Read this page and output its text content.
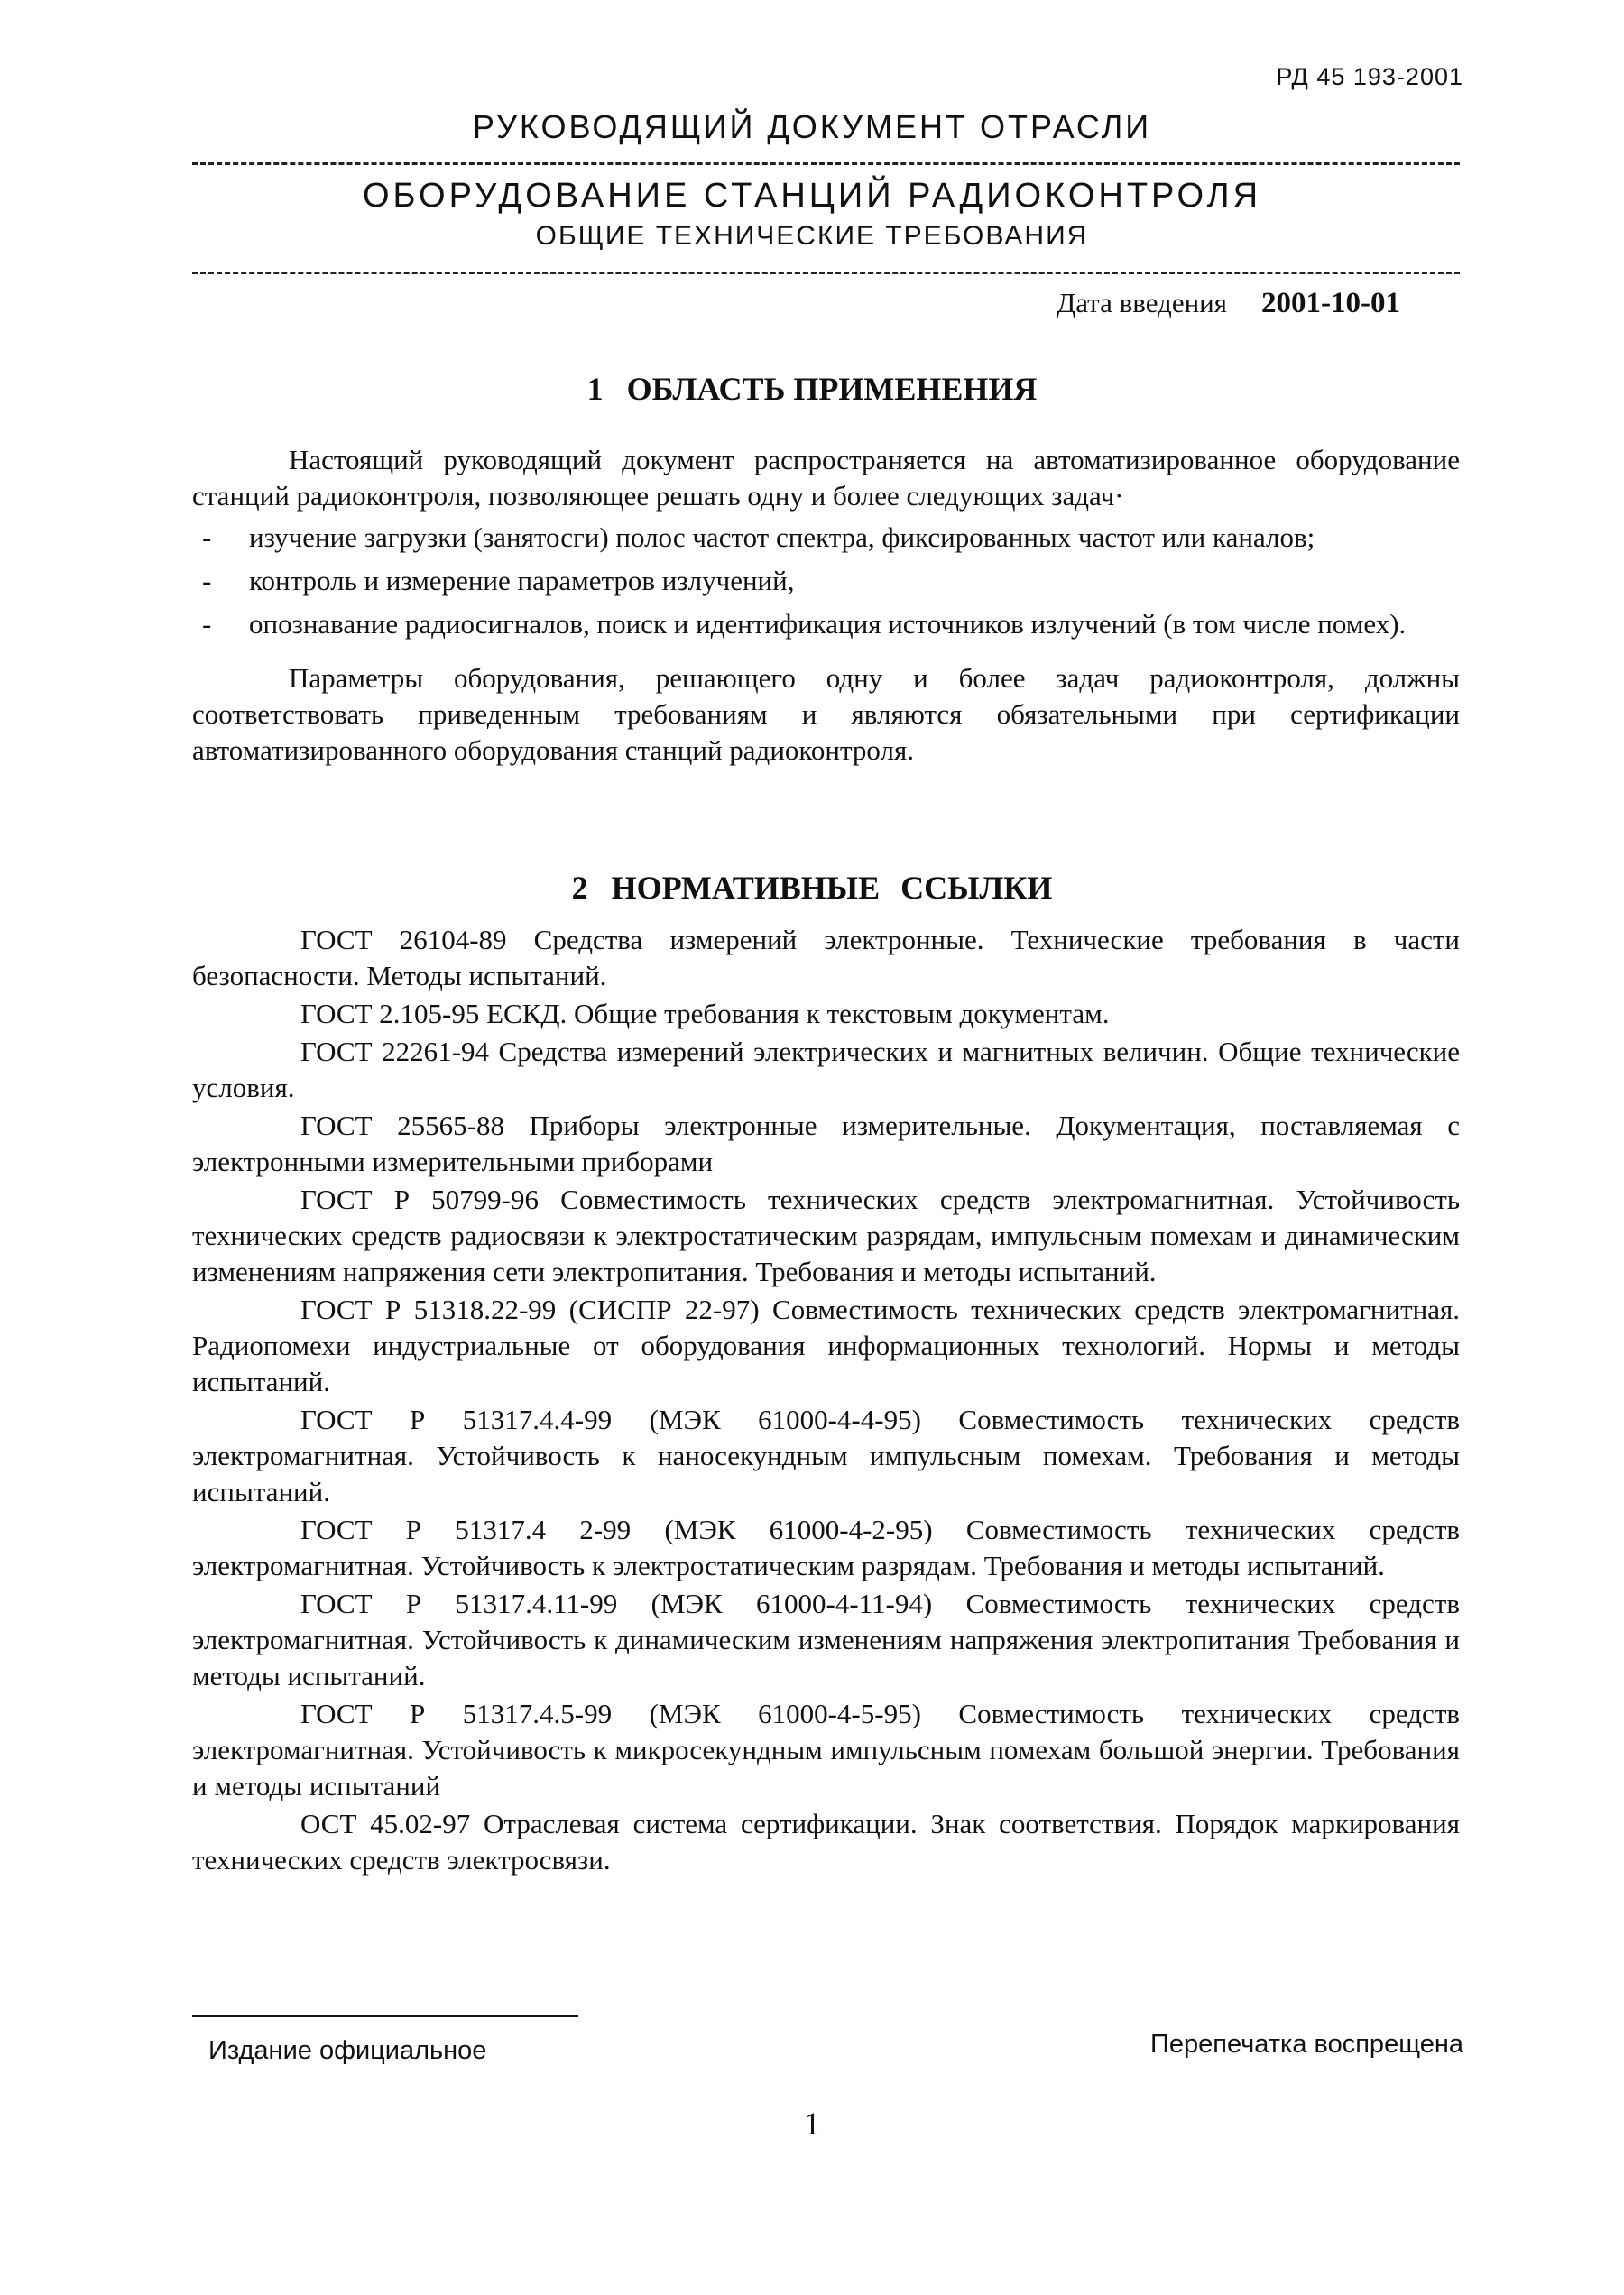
РД 45 193-2001
РУКОВОДЯЩИЙ ДОКУМЕНТ ОТРАСЛИ
ОБОРУДОВАНИЕ СТАНЦИЙ РАДИОКОНТРОЛЯ
ОБЩИЕ ТЕХНИЧЕСКИЕ ТРЕБОВАНИЯ
Дата введения 2001-10-01
1 ОБЛАСТЬ ПРИМЕНЕНИЯ

Настоящий руководящий документ распространяется на автоматизированное оборудование станций радиоконтроля, позволяющее решать одну и более следующих задач·

- изучение загрузки (занятосги) полос частот спектра, фиксированных частот или каналов;
- контроль и измерение параметров излучений,
- опознавание радиосигналов, поиск и идентификация источников излучений (в том числе помех).

Параметры оборудования, решающего одну и более задач радиоконтроля, должны соответствовать приведенным требованиям и являются обязательными при сертификации автоматизированного оборудования станций радиоконтроля.

2 НОРМАТИВНЫЕ ССЫЛКИ

ГОСТ 26104-89 Средства измерений электронные. Технические требования в части безопасности. Методы испытаний.

ГОСТ 2.105-95 ЕСКД. Общие требования к текстовым документам.

ГОСТ 22261-94 Средства измерений электрических и магнитных величин. Общие технические условия.

ГОСТ 25565-88 Приборы электронные измерительные. Документация, поставляемая с электронными измерительными приборами

ГОСТ Р 50799-96 Совместимость технических средств электромагнитная. Устойчивость технических средств радиосвязи к электростатическим разрядам, импульсным помехам и динамическим изменениям напряжения сети электропитания. Требования и методы испытаний.

ГОСТ Р 51318.22-99 (СИСПР 22-97) Совместимость технических средств электромагнитная. Радиопомехи индустриальные от оборудования информационных технологий. Нормы и методы испытаний.

ГОСТ Р 51317.4.4-99 (МЭК 61000-4-4-95) Совместимость технических средств электромагнитная. Устойчивость к наносекундным импульсным помехам. Требования и методы испытаний.

ГОСТ Р 51317.4 2-99 (МЭК 61000-4-2-95) Совместимость технических средств электромагнитная. Устойчивость к электростатическим разрядам. Требования и методы испытаний.

ГОСТ Р 51317.4.11-99 (МЭК 61000-4-11-94) Совместимость технических средств электромагнитная. Устойчивость к динамическим изменениям напряжения электропитания Требования и методы испытаний.

ГОСТ Р 51317.4.5-99 (МЭК 61000-4-5-95) Совместимость технических средств электромагнитная. Устойчивость к микросекундным импульсным помехам большой энергии. Требования и методы испытаний

ОСТ 45.02-97 Отраслевая система сертификации. Знак соответствия. Порядок маркирования технических средств электросвязи.

Издание официальное	Перепечатка воспрещена
1
